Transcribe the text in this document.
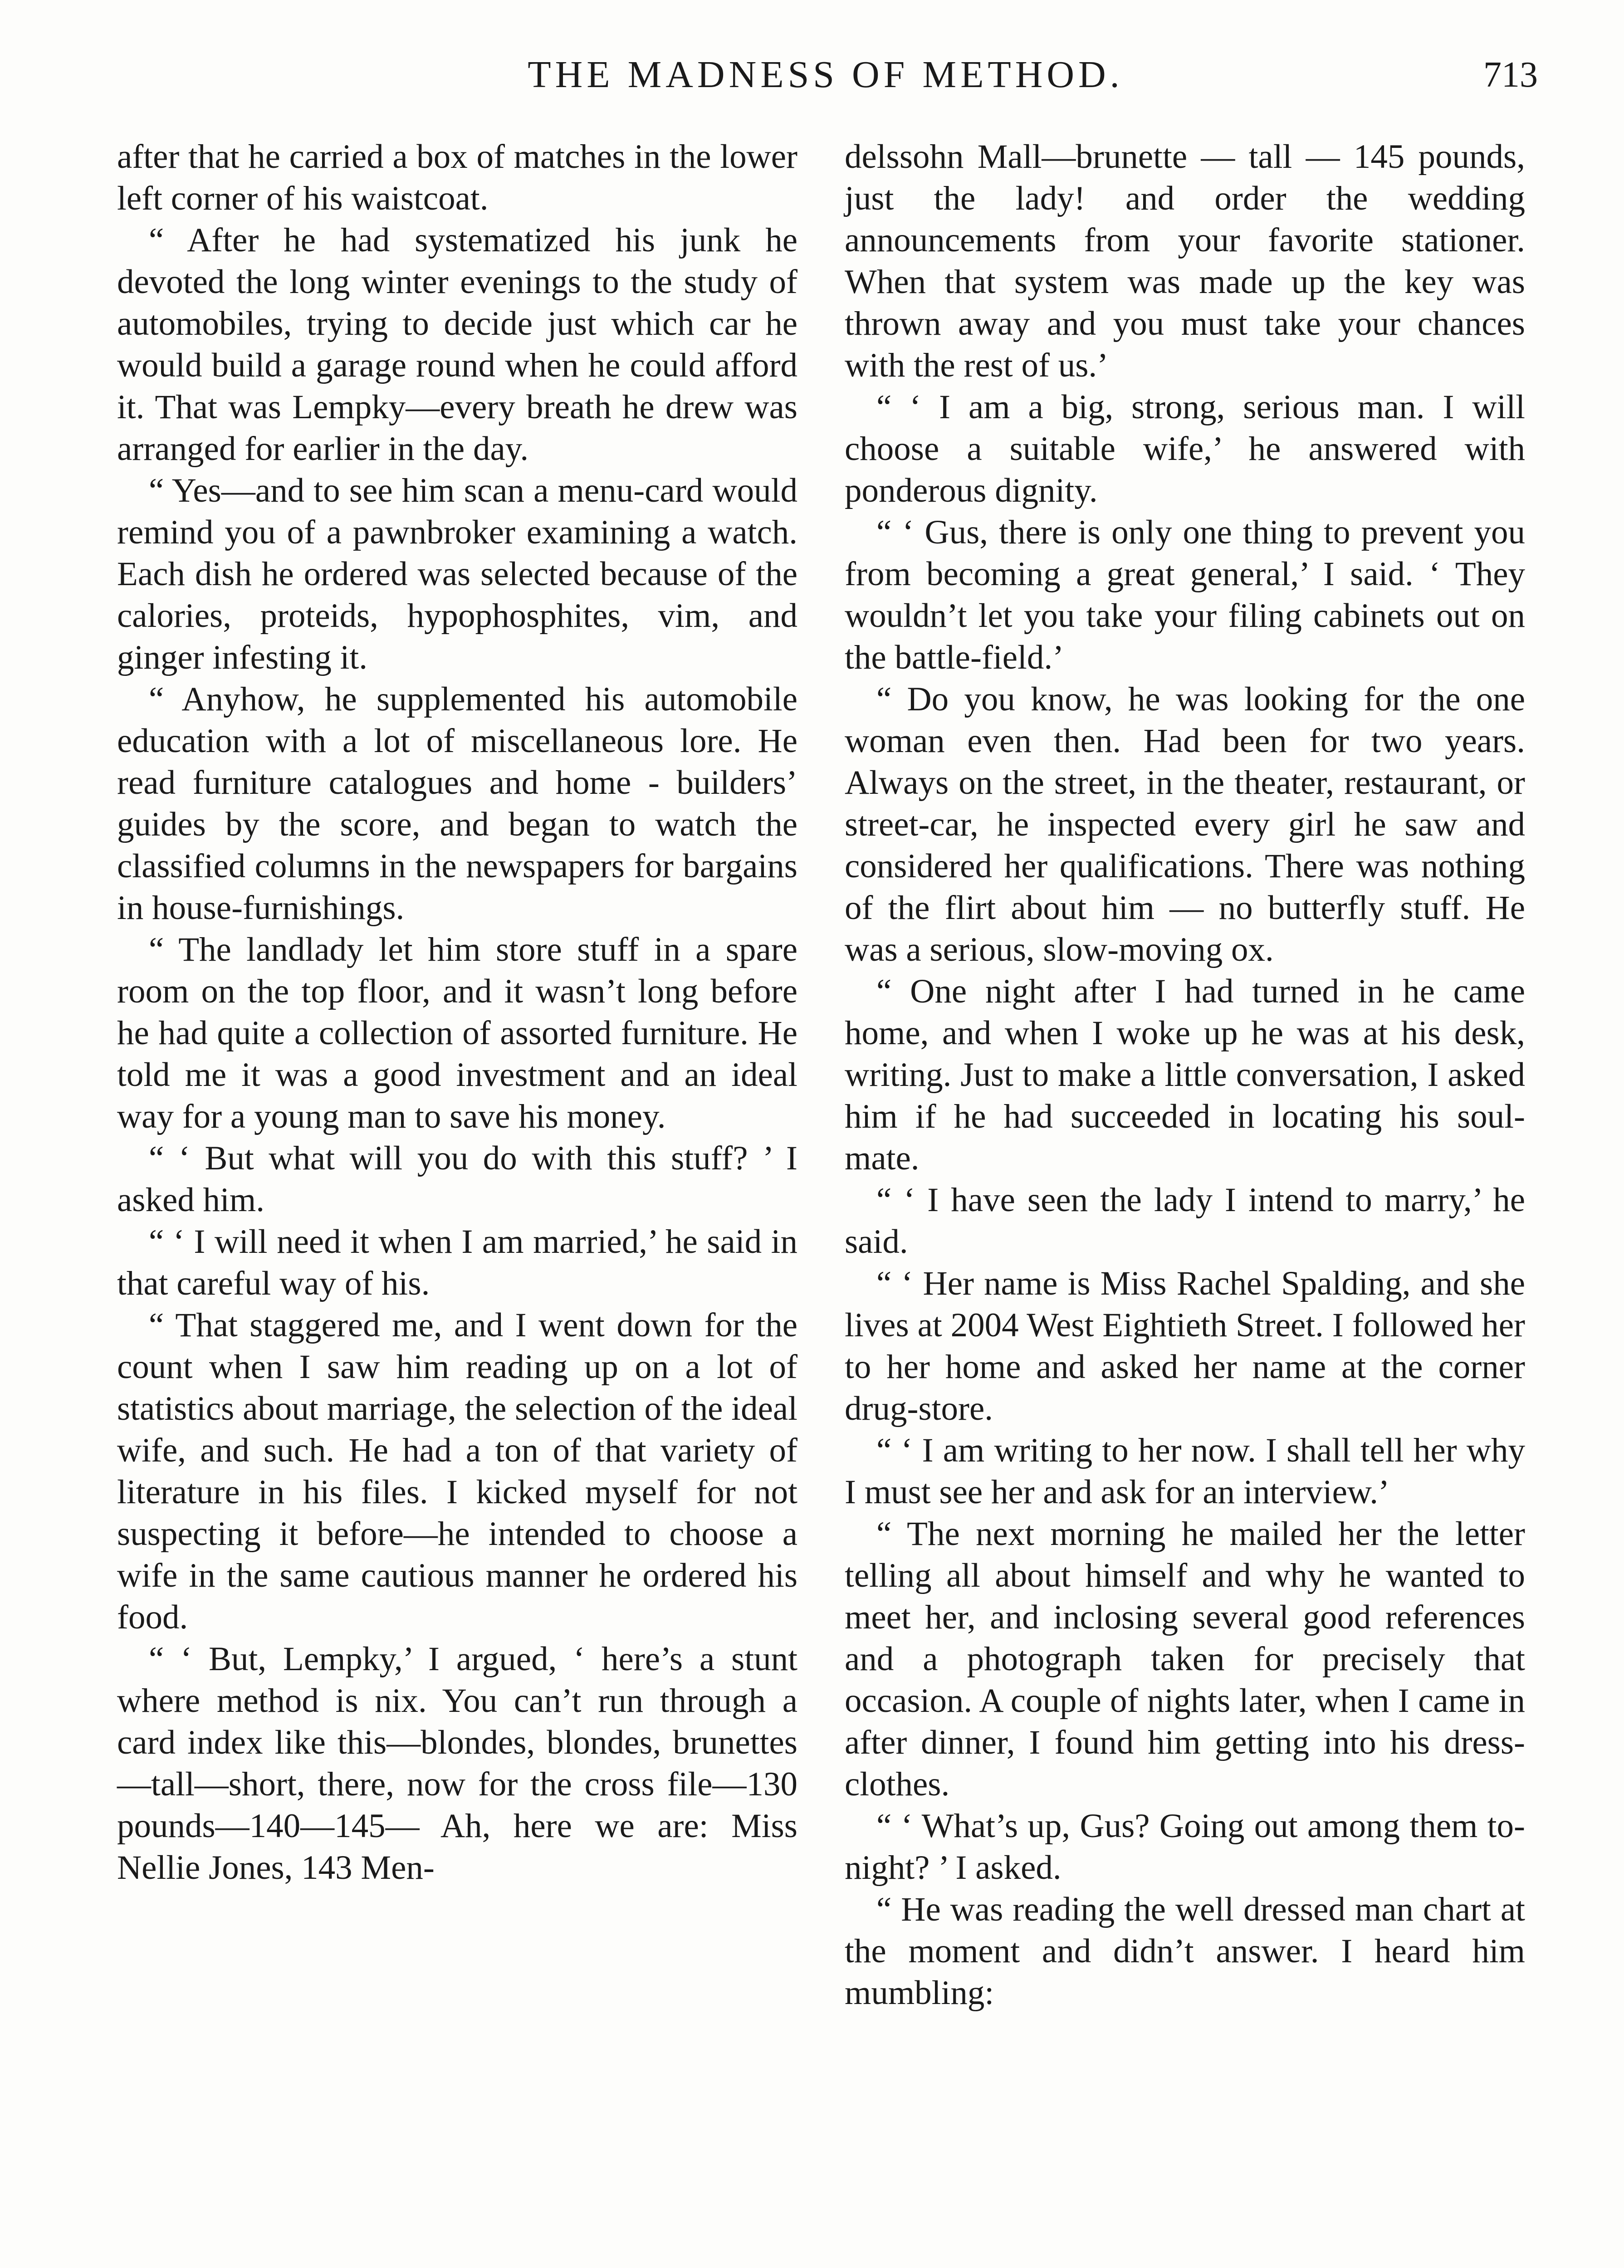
THE MADNESS OF METHOD.	713

after that he carried a box of matches in the lower left corner of his waistcoat.

“ After he had systematized his junk he devoted the long winter evenings to the study of automobiles, trying to decide just which car he would build a garage round when he could afford it. That was Lempky—every breath he drew was arranged for earlier in the day.

“ Yes—and to see him scan a menu-card would remind you of a pawnbroker examining a watch. Each dish he ordered was selected because of the calories, proteids, hypophosphites, vim, and ginger infesting it.

“ Anyhow, he supplemented his automobile education with a lot of miscellaneous lore. He read furniture catalogues and home - builders’ guides by the score, and began to watch the classified columns in the newspapers for bargains in house-furnishings.

“ The landlady let him store stuff in a spare room on the top floor, and it wasn’t long before he had quite a collection of assorted furniture. He told me it was a good investment and an ideal way for a young man to save his money.

“ ‘ But what will you do with this stuff? ’ I asked him.

“ ‘ I will need it when I am married,’ he said in that careful way of his.

“ That staggered me, and I went down for the count when I saw him reading up on a lot of statistics about marriage, the selection of the ideal wife, and such. He had a ton of that variety of literature in his files. I kicked myself for not suspecting it before—he intended to choose a wife in the same cautious manner he ordered his food.

“ ‘ But, Lempky,’ I argued, ‘ here’s a stunt where method is nix. You can’t run through a card index like this—blondes, blondes, brunettes—tall—short, there, now for the cross file—130 pounds—140—145— Ah, here we are: Miss Nellie Jones, 143 Men-

delssohn Mall—brunette — tall — 145 pounds, just the lady! and order the wedding announcements from your favorite stationer. When that system was made up the key was thrown away and you must take your chances with the rest of us.’

“ ‘ I am a big, strong, serious man. I will choose a suitable wife,’ he answered with ponderous dignity.

“ ‘ Gus, there is only one thing to prevent you from becoming a great general,’ I said. ‘ They wouldn’t let you take your filing cabinets out on the battle-field.’

“ Do you know, he was looking for the one woman even then. Had been for two years. Always on the street, in the theater, restaurant, or street-car, he inspected every girl he saw and considered her qualifications. There was nothing of the flirt about him — no butterfly stuff. He was a serious, slow-moving ox.

“ One night after I had turned in he came home, and when I woke up he was at his desk, writing. Just to make a little conversation, I asked him if he had succeeded in locating his soul-mate.

“ ‘ I have seen the lady I intend to marry,’ he said.

“ ‘ Her name is Miss Rachel Spalding, and she lives at 2004 West Eightieth Street. I followed her to her home and asked her name at the corner drug-store.

“ ‘ I am writing to her now. I shall tell her why I must see her and ask for an interview.’

“ The next morning he mailed her the letter telling all about himself and why he wanted to meet her, and inclosing several good references and a photograph taken for precisely that occasion. A couple of nights later, when I came in after dinner, I found him getting into his dress-clothes.

“ ‘ What’s up, Gus? Going out among them to-night? ’ I asked.

“ He was reading the well dressed man chart at the moment and didn’t answer. I heard him mumbling:
